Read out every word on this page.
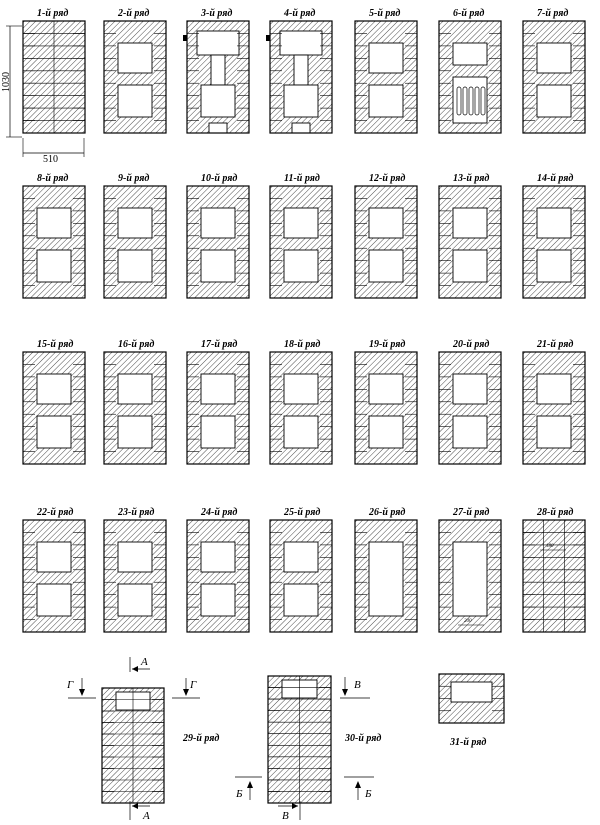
1-й ряд	2-й ряд	3-й ряд	4-й ряд	5-й ряд	6-й ряд	7-й ряд
8-й ряд	9-й ряд	10-й ряд	11-й ряд	12-й ряд	13-й ряд	14-й ряд
15-й ряд	16-й ряд	17-й ряд	18-й ряд	19-й ряд	20-й ряд	21-й ряд
22-й ряд	23-й ряд	24-й ряд	25-й ряд	26-й ряд	27-й ряд	28-й ряд
29-й ряд	30-й ряд	31-й ряд
1030
510
200
180
А
А
Г	Г	В
Б	Б
В
